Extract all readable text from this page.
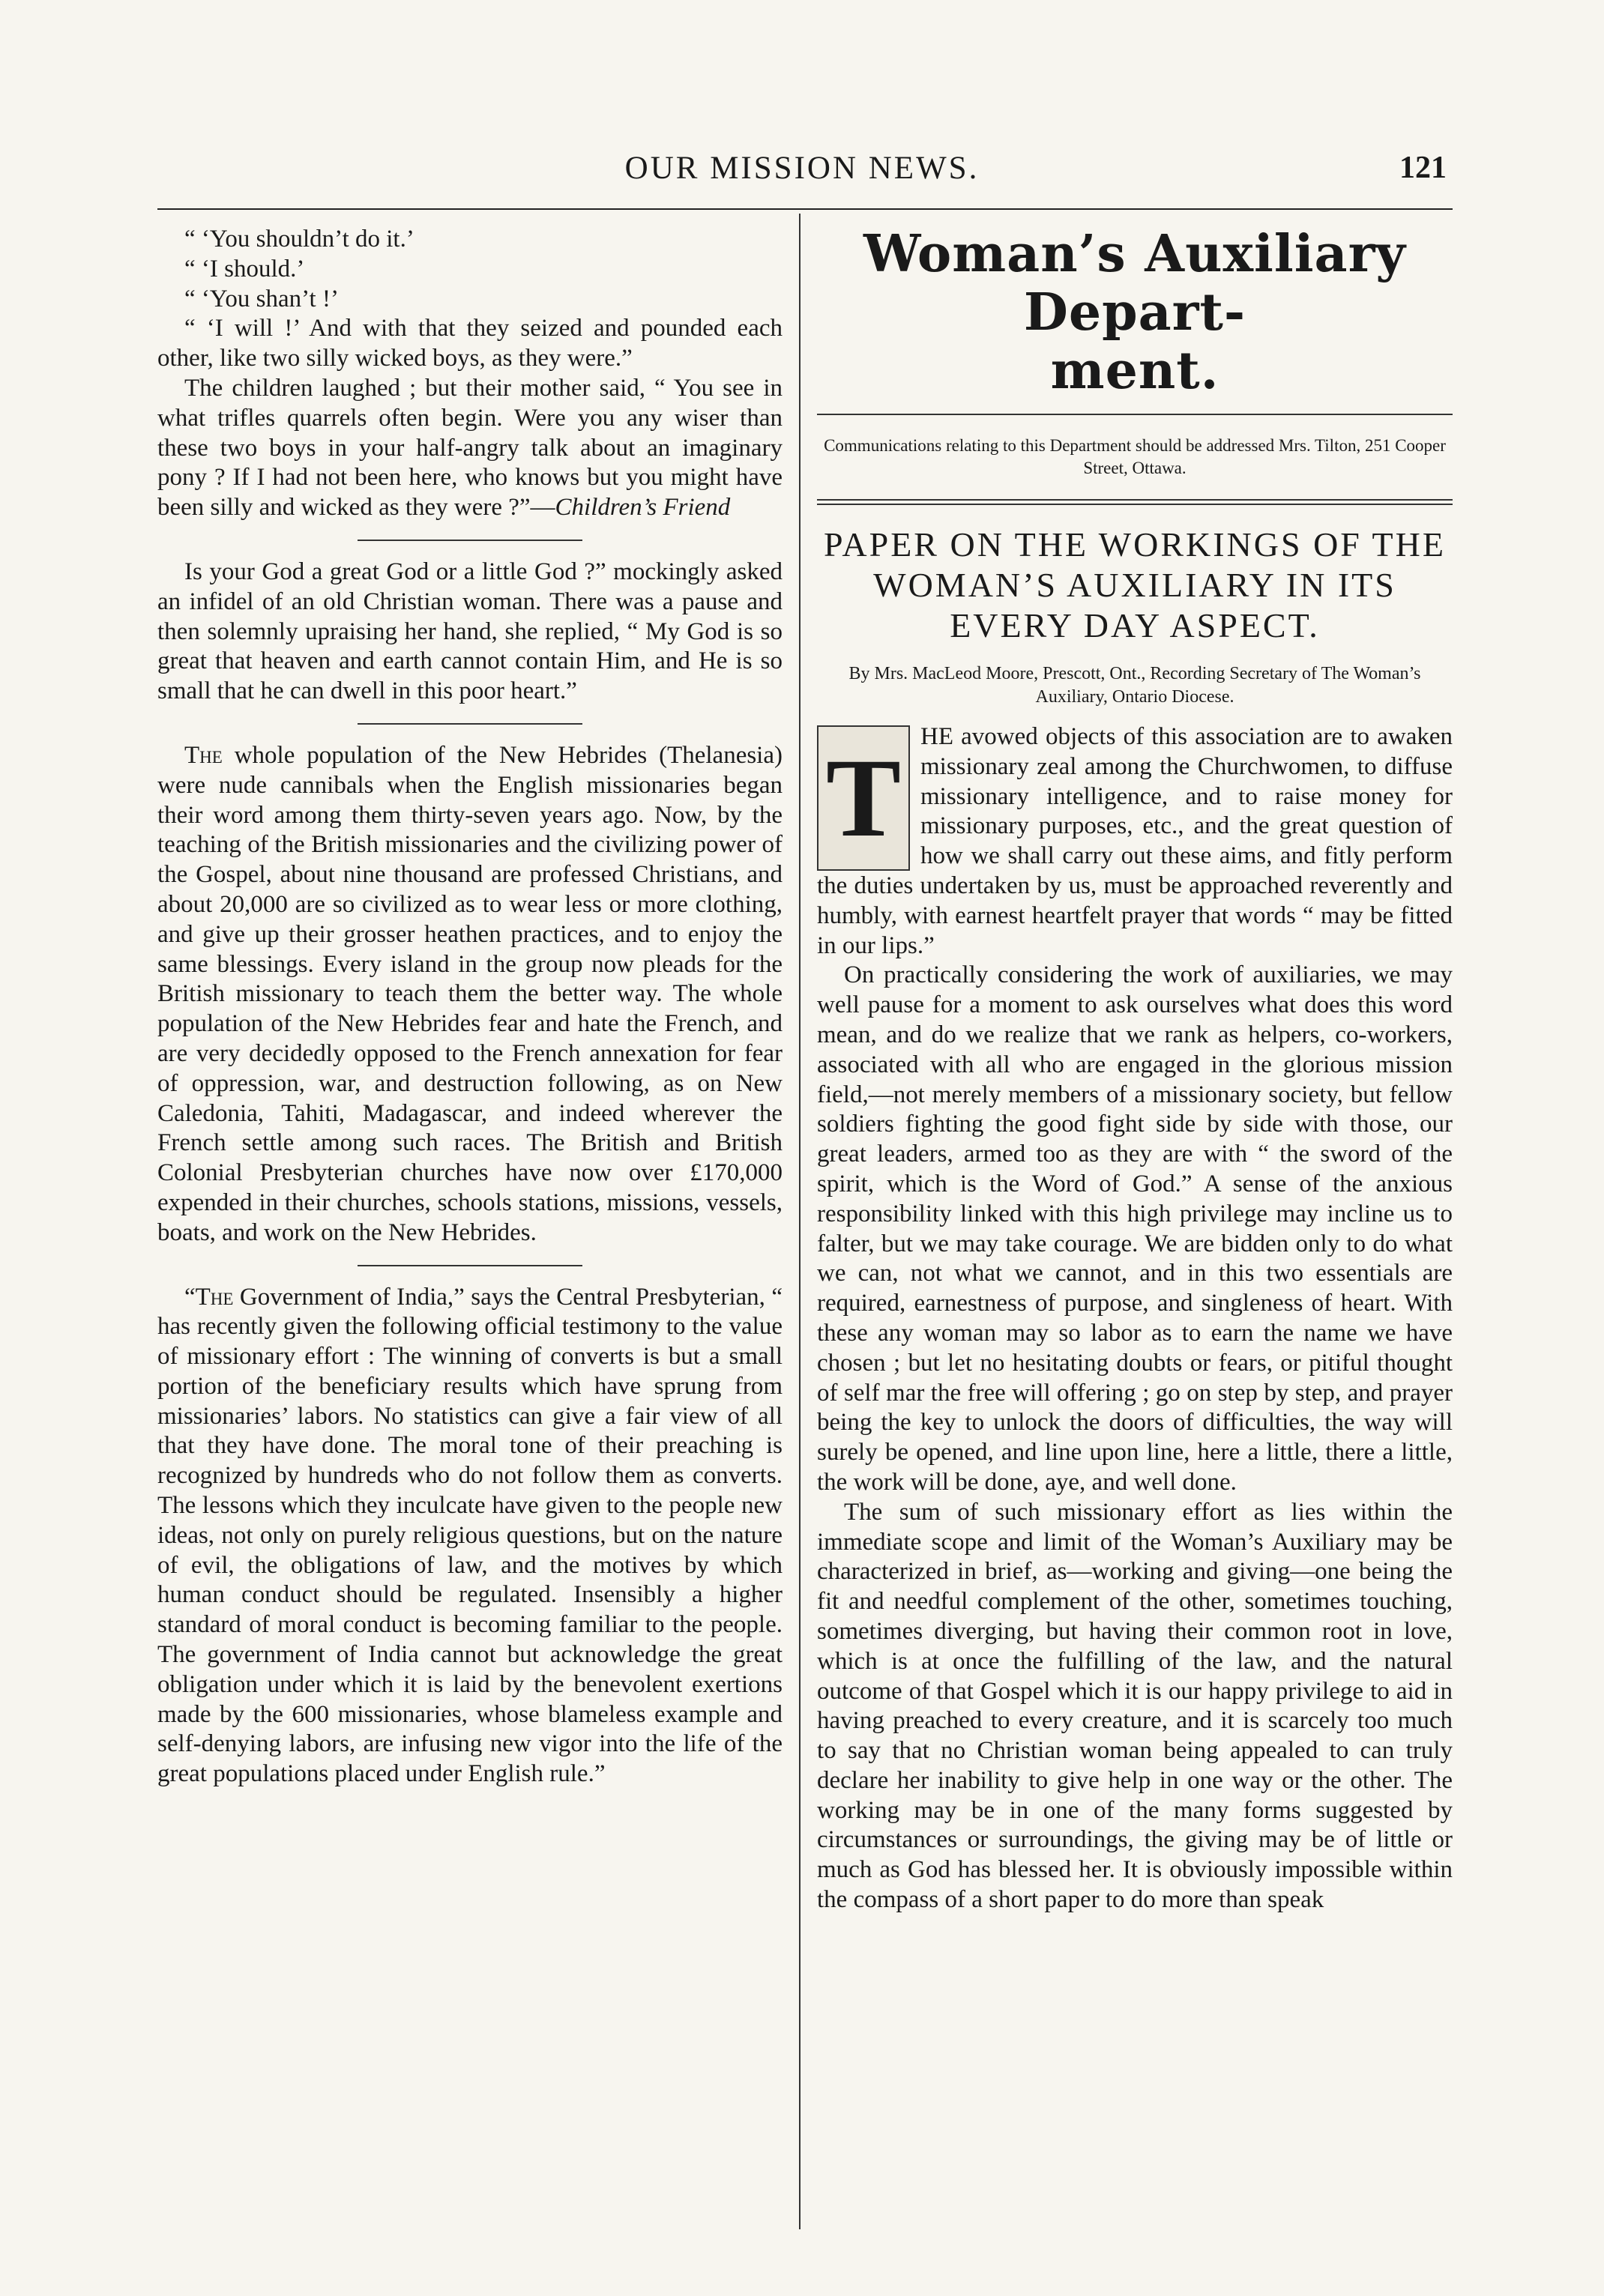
OUR MISSION NEWS.	121

“ ‘You shouldn’t do it.’

“ ‘I should.’

“ ‘You shan’t !’

“ ‘I will !’ And with that they seized and pounded each other, like two silly wicked boys, as they were.”

The children laughed ; but their mother said, “ You see in what trifles quarrels often begin. Were you any wiser than these two boys in your half-angry talk about an imaginary pony ? If I had not been here, who knows but you might have been silly and wicked as they were ?”—Children’s Friend

Is your God a great God or a little God ?” mockingly asked an infidel of an old Christian woman. There was a pause and then solemnly upraising her hand, she replied, “ My God is so great that heaven and earth cannot contain Him, and He is so small that he can dwell in this poor heart.”

The whole population of the New Hebrides (Thelanesia) were nude cannibals when the English missionaries began their word among them thirty-seven years ago. Now, by the teaching of the British missionaries and the civilizing power of the Gospel, about nine thousand are professed Christians, and about 20,000 are so civilized as to wear less or more clothing, and give up their grosser heathen practices, and to enjoy the same blessings. Every island in the group now pleads for the British missionary to teach them the better way. The whole population of the New Hebrides fear and hate the French, and are very decidedly opposed to the French annexation for fear of oppression, war, and destruction following, as on New Caledonia, Tahiti, Madagascar, and indeed wherever the French settle among such races. The British and British Colonial Presbyterian churches have now over £170,000 expended in their churches, schools stations, missions, vessels, boats, and work on the New Hebrides.

“The Government of India,” says the Central Presbyterian, “ has recently given the following official testimony to the value of missionary effort : The winning of converts is but a small portion of the beneficiary results which have sprung from missionaries’ labors. No statistics can give a fair view of all that they have done. The moral tone of their preaching is recognized by hundreds who do not follow them as converts. The lessons which they inculcate have given to the people new ideas, not only on purely religious questions, but on the nature of evil, the obligations of law, and the motives by which human conduct should be regulated. Insensibly a higher standard of moral conduct is becoming familiar to the people. The government of India cannot but acknowledge the great obligation under which it is laid by the benevolent exertions made by the 600 missionaries, whose blameless example and self-denying labors, are infusing new vigor into the life of the great populations placed under English rule.”

Woman’s Auxiliary Depart-
ment.
Communications relating to this Department should be addressed Mrs. Tilton, 251 Cooper Street, Ottawa.
PAPER ON THE WORKINGS OF THE WOMAN’S AUXILIARY IN ITS EVERY DAY ASPECT.
By Mrs. MacLeod Moore, Prescott, Ont., Recording Secretary of The Woman’s Auxiliary, Ontario Diocese.
T HE avowed objects of this association are to awaken missionary zeal among the Churchwomen, to diffuse missionary intelligence, and to raise money for missionary purposes, etc., and the great question of how we shall carry out these aims, and fitly perform the duties undertaken by us, must be approached reverently and humbly, with earnest heartfelt prayer that words “ may be fitted in our lips.”

On practically considering the work of auxiliaries, we may well pause for a moment to ask ourselves what does this word mean, and do we realize that we rank as helpers, co-workers, associated with all who are engaged in the glorious mission field,—not merely members of a missionary society, but fellow soldiers fighting the good fight side by side with those, our great leaders, armed too as they are with “ the sword of the spirit, which is the Word of God.” A sense of the anxious responsibility linked with this high privilege may incline us to falter, but we may take courage. We are bidden only to do what we can, not what we cannot, and in this two essentials are required, earnestness of purpose, and singleness of heart. With these any woman may so labor as to earn the name we have chosen ; but let no hesitating doubts or fears, or pitiful thought of self mar the free will offering ; go on step by step, and prayer being the key to unlock the doors of difficulties, the way will surely be opened, and line upon line, here a little, there a little, the work will be done, aye, and well done.

The sum of such missionary effort as lies within the immediate scope and limit of the Woman’s Auxiliary may be characterized in brief, as—working and giving—one being the fit and needful complement of the other, sometimes touching, sometimes diverging, but having their common root in love, which is at once the fulfilling of the law, and the natural outcome of that Gospel which it is our happy privilege to aid in having preached to every creature, and it is scarcely too much to say that no Christian woman being appealed to can truly declare her inability to give help in one way or the other. The working may be in one of the many forms suggested by circumstances or surroundings, the giving may be of little or much as God has blessed her. It is obviously impossible within the compass of a short paper to do more than speak
